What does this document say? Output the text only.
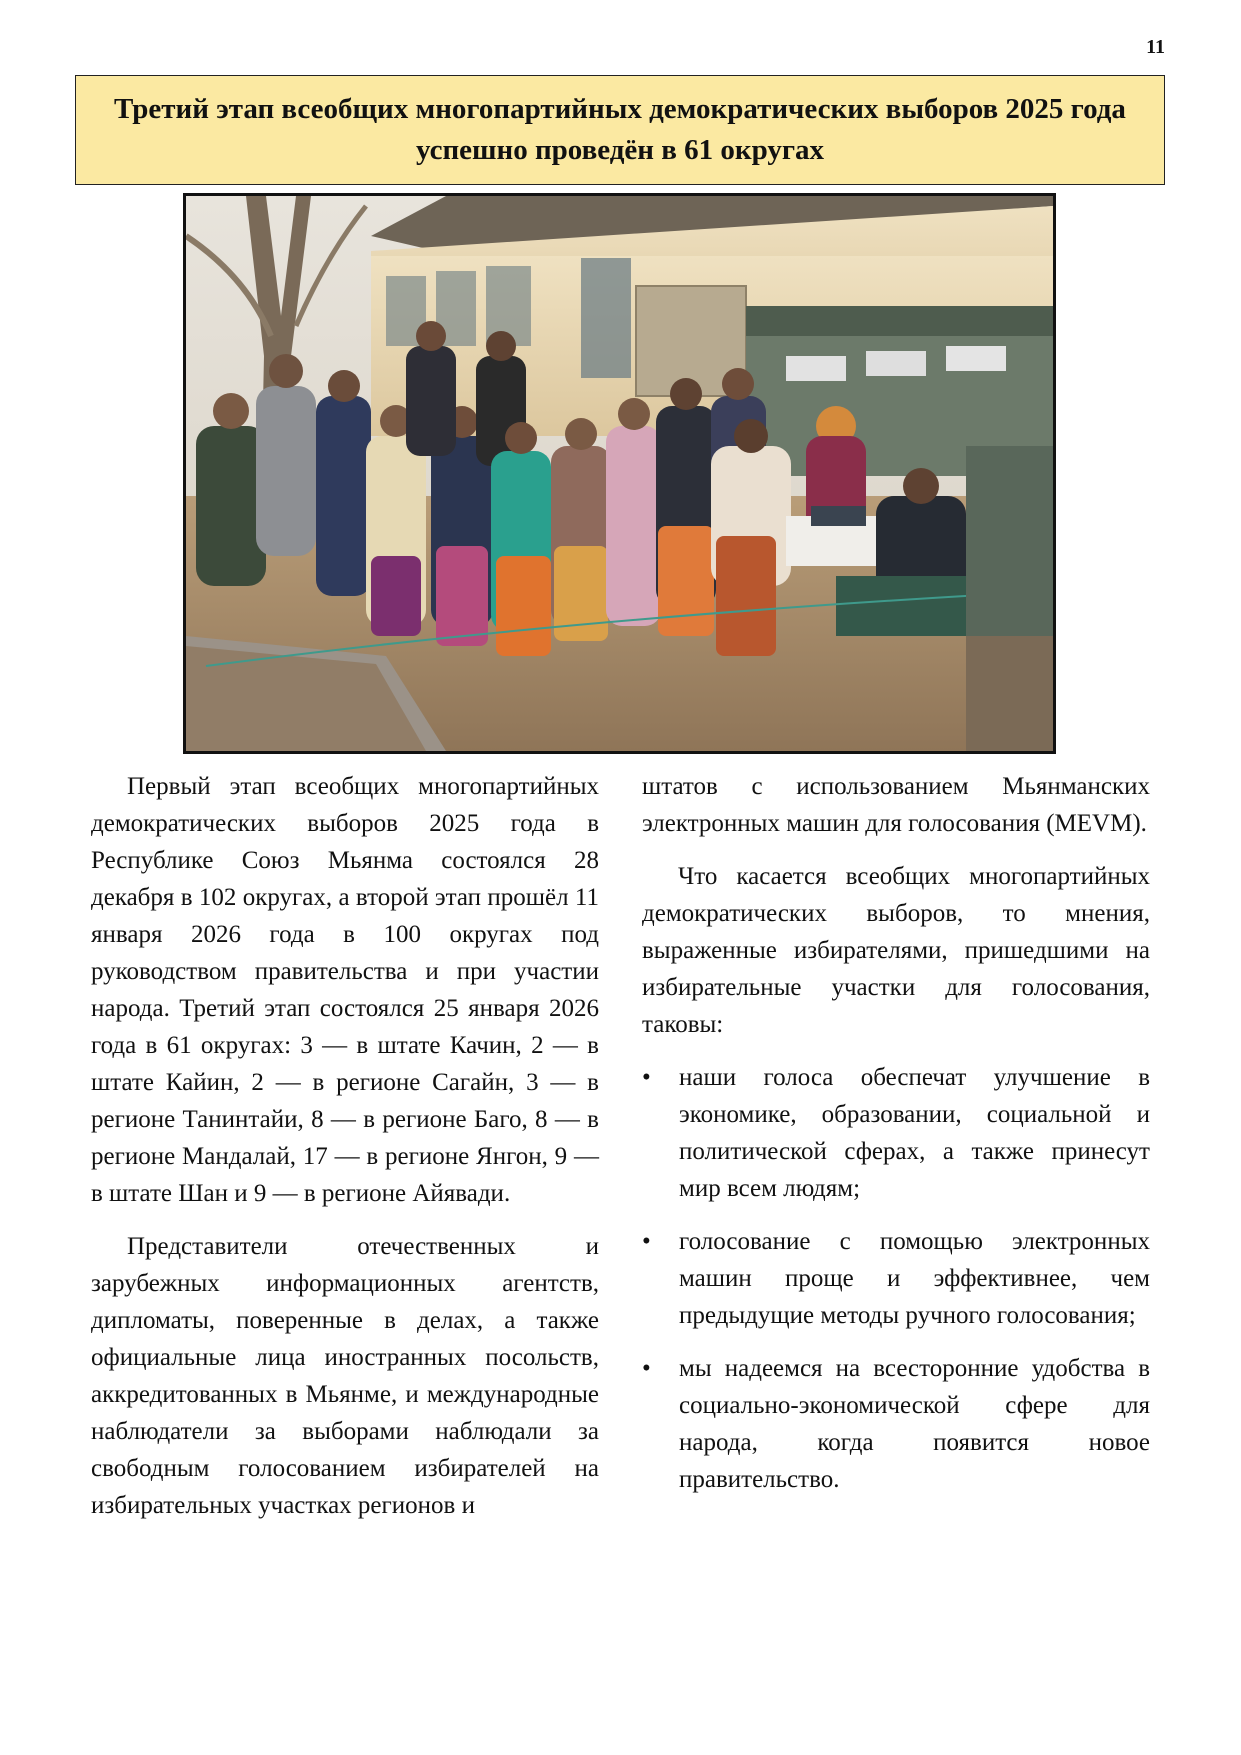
11
Третий этап всеобщих многопартийных демократических выборов 2025 года успешно проведён в 61 округах

Первый этап всеобщих многопартийных демократических выборов 2025 года в Республике Союз Мьянма состоялся 28 декабря в 102 округах, а второй этап прошёл 11 января 2026 года в 100 округах под руководством правительства и при участии народа. Третий этап состоялся 25 января 2026 года в 61 округах: 3 — в штате Качин, 2 — в штате Кайин, 2 — в регионе Сагайн, 3 — в регионе Танинтайи, 8 — в регионе Баго, 8 — в регионе Мандалай, 17 — в регионе Янгон, 9 — в штате Шан и 9 — в регионе Айявади.

Представители отечественных и зарубежных информационных агентств, дипломаты, поверенные в делах, а также официальные лица иностранных посольств, аккредитованных в Мьянме, и международные наблюдатели за выборами наблюдали за свободным голосованием избирателей на избирательных участках регионов и

штатов с использованием Мьянманских электронных машин для голосования (MEVM).

Что касается всеобщих многопартийных демократических выборов, то мнения, выраженные избирателями, пришедшими на избирательные участки для голосования, таковы:

• наши голоса обеспечат улучшение в экономике, образовании, социальной и политической сферах, а также принесут мир всем людям;
• голосование с помощью электронных машин проще и эффективнее, чем предыдущие методы ручного голосования;
• мы надеемся на всесторонние удобства в социально-экономической сфере для народа, когда появится новое правительство.
